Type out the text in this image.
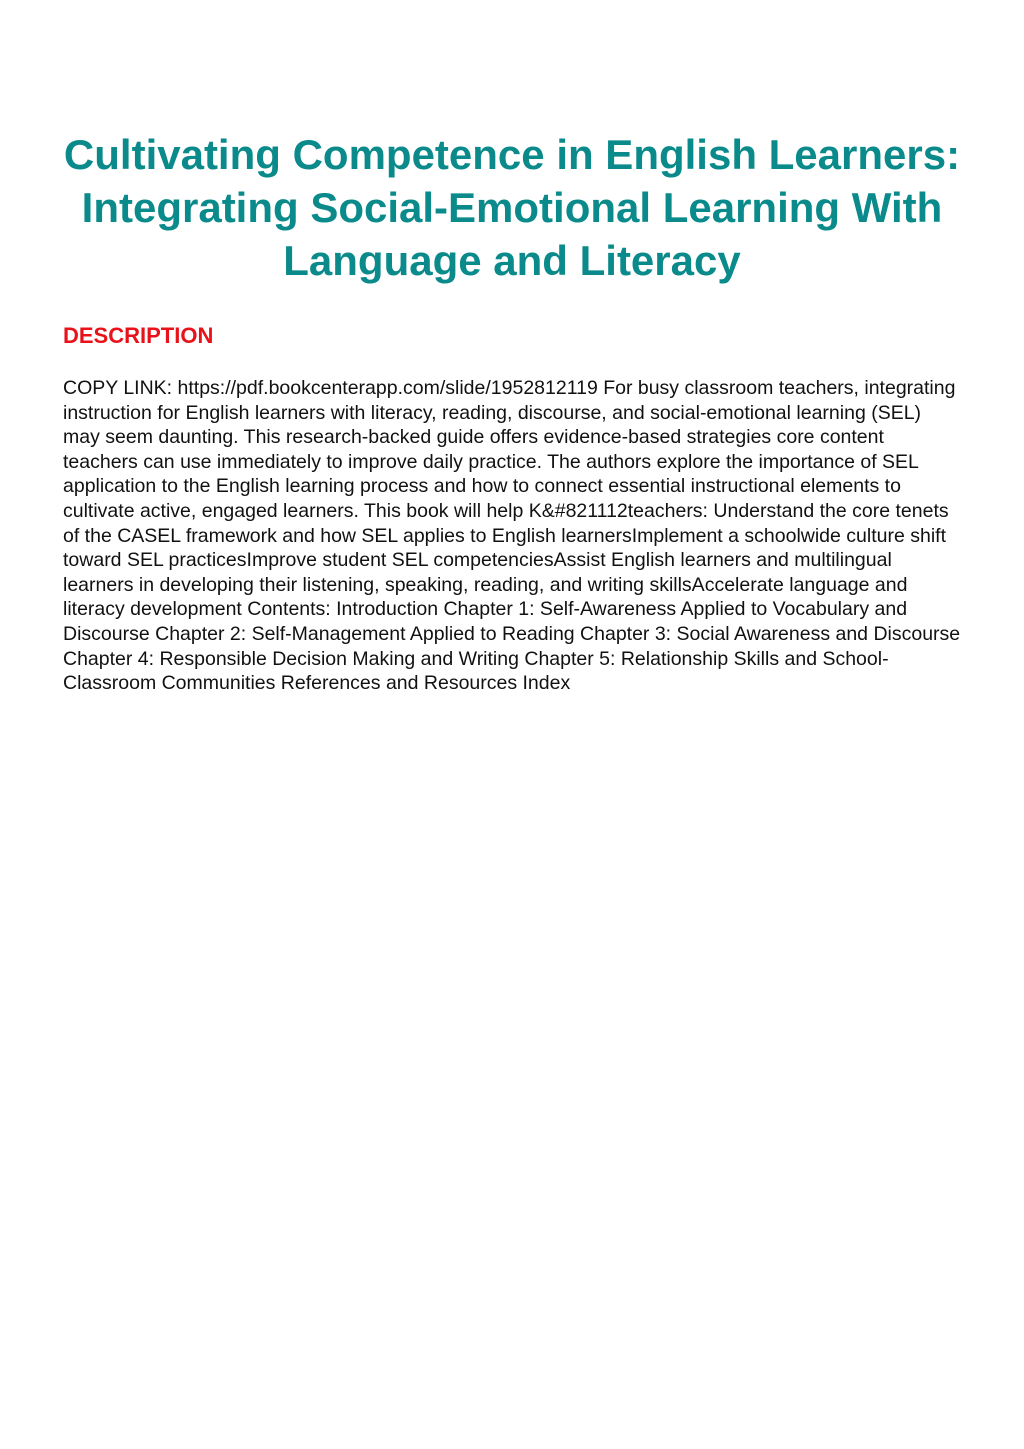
Cultivating Competence in English Learners: Integrating Social-Emotional Learning With Language and Literacy
DESCRIPTION

COPY LINK: https://pdf.bookcenterapp.com/slide/1952812119 For busy classroom teachers, integrating instruction for English learners with literacy, reading, discourse, and social-emotional learning (SEL) may seem daunting. This research-backed guide offers evidence-based strategies core content teachers can use immediately to improve daily practice. The authors explore the importance of SEL application to the English learning process and how to connect essential instructional elements to cultivate active, engaged learners. This book will help K&#821112teachers: Understand the core tenets of the CASEL framework and how SEL applies to English learnersImplement a schoolwide culture shift toward SEL practicesImprove student SEL competenciesAssist English learners and multilingual learners in developing their listening, speaking, reading, and writing skillsAccelerate language and literacy development Contents: Introduction Chapter 1: Self-Awareness Applied to Vocabulary and Discourse Chapter 2: Self-Management Applied to Reading Chapter 3: Social Awareness and Discourse Chapter 4: Responsible Decision Making and Writing Chapter 5: Relationship Skills and School-Classroom Communities References and Resources Index
